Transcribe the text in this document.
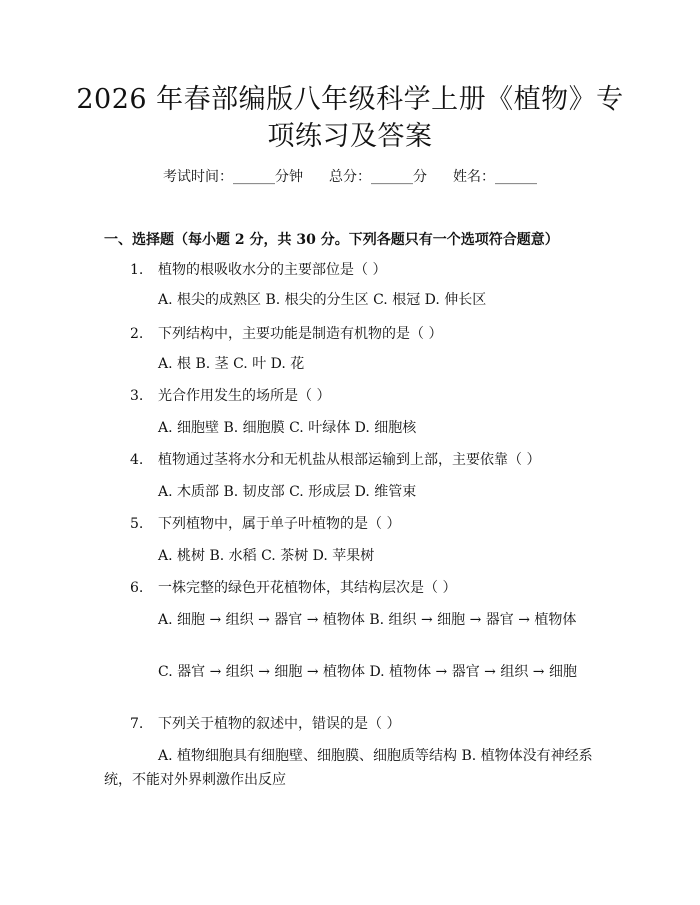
2026 年春部编版八年级科学上册《植物》专
项练习及答案
考试时间：______分钟 总分：______分 姓名：______
一、选择题（每小题 2 分，共 30 分。下列各题只有一个选项符合题意）
1. 植物的根吸收水分的主要部位是（ ）
A. 根尖的成熟区 B. 根尖的分生区 C. 根冠 D. 伸长区
2. 下列结构中，主要功能是制造有机物的是（ ）
A. 根 B. 茎 C. 叶 D. 花
3. 光合作用发生的场所是（ ）
A. 细胞壁 B. 细胞膜 C. 叶绿体 D. 细胞核
4. 植物通过茎将水分和无机盐从根部运输到上部，主要依靠（ ）
A. 木质部 B. 韧皮部 C. 形成层 D. 维管束
5. 下列植物中，属于单子叶植物的是（ ）
A. 桃树 B. 水稻 C. 茶树 D. 苹果树
6. 一株完整的绿色开花植物体，其结构层次是（ ）
A. 细胞 → 组织 → 器官 → 植物体 B. 组织 → 细胞 → 器官 → 植物体
C. 器官 → 组织 → 细胞 → 植物体 D. 植物体 → 器官 → 组织 → 细胞
7. 下列关于植物的叙述中，错误的是（ ）
A. 植物细胞具有细胞壁、细胞膜、细胞质等结构 B. 植物体没有神经系统，不能对外界刺激作出反应
